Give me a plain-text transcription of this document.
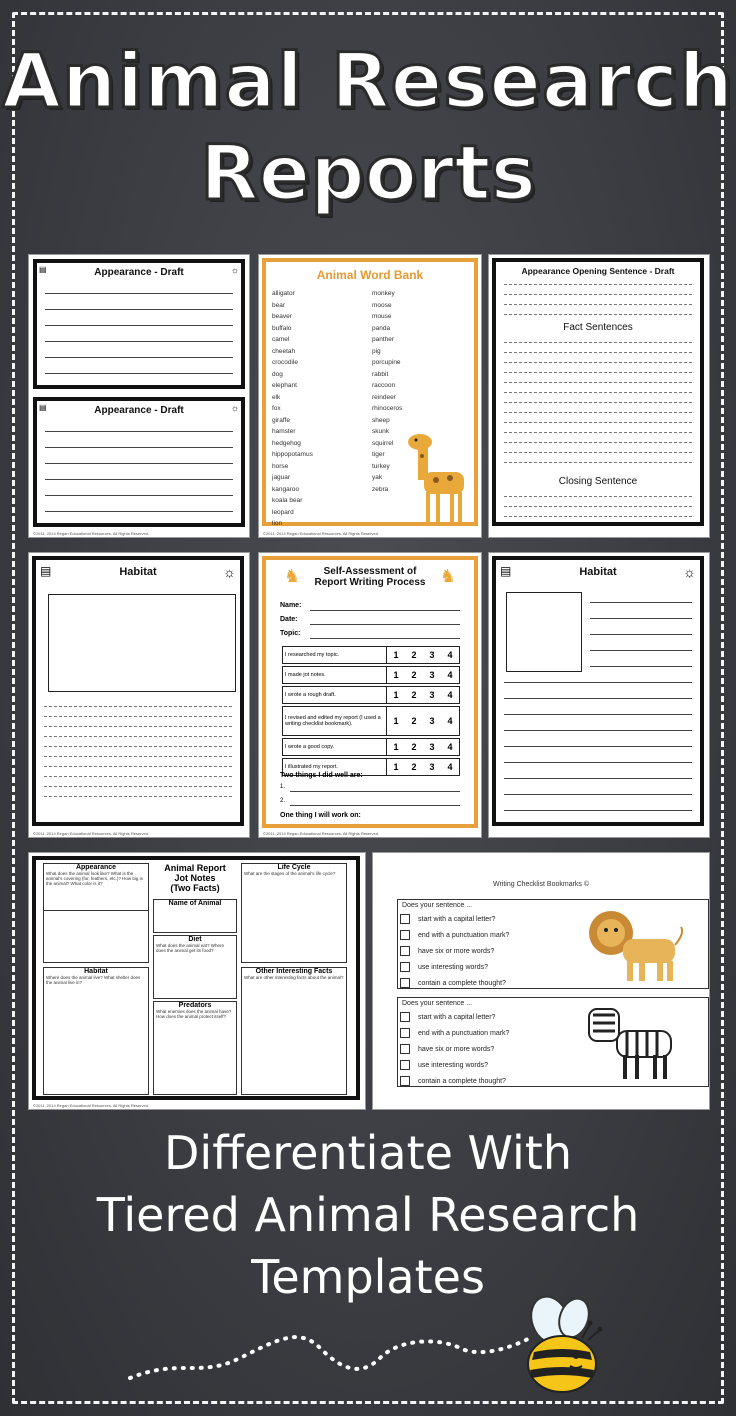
Animal Research
Reports
Appearance - Draft
▤	☼
Appearance - Draft
▤	☼
©2011, 2014 Regan Educational Resources. All Rights Reserved.
Animal Word Bank
alligator
bear
beaver
buffalo
camel
cheetah
crocodile
dog
elephant
elk
fox
giraffe
hamster
hedgehog
hippopotamus
horse
jaguar
kangaroo
koala bear
leopard
lion
monkey
moose
mouse
panda
panther
pig
porcupine
rabbit
raccoon
reindeer
rhinoceros
sheep
skunk
squirrel
tiger
turkey
yak
zebra
©2011, 2014 Regan Educational Resources. All Rights Reserved.
Appearance Opening Sentence - Draft
Fact Sentences
Closing Sentence
Habitat
▤	☼
©2011, 2014 Regan Educational Resources. All Rights Reserved.
Self-Assessment of
Report Writing Process
♞	♞
Name:
Date:
Topic:
I researched my topic.	1	2	3	4
I made jot notes.	1	2	3	4
I wrote a rough draft.	1	2	3	4
I revised and edited my report (I used a writing checklist bookmark).	1	2	3	4
I wrote a good copy.	1	2	3	4
I illustrated my report.	1	2	3	4
Two things I did well are:
1.
2.
One thing I will work on:
©2011, 2014 Regan Educational Resources. All Rights Reserved.
Habitat
▤	☼
Appearance
What does the animal look like? What is the animal's covering (fur, feathers, etc.)? How big is the animal? What color is it?
Animal Report
Jot Notes
(Two Facts)
Name of Animal
Diet
What does the animal eat? Where does the animal get its food?
Predators
What enemies does the animal have? How does the animal protect itself?
Habitat
Where does the animal live? What shelter does the animal live in?
Life Cycle
What are the stages of the animal's life cycle?
Other Interesting Facts
What are other interesting facts about the animal?
©2011, 2014 Regan Educational Resources. All Rights Reserved.
Writing Checklist Bookmarks ©
Does your sentence ...
start with a capital letter?
end with a punctuation mark?
have six or more words?
use interesting words?
contain a complete thought?
Does your sentence ...
start with a capital letter?
end with a punctuation mark?
have six or more words?
use interesting words?
contain a complete thought?
Differentiate With
Tiered Animal Research
Templates
